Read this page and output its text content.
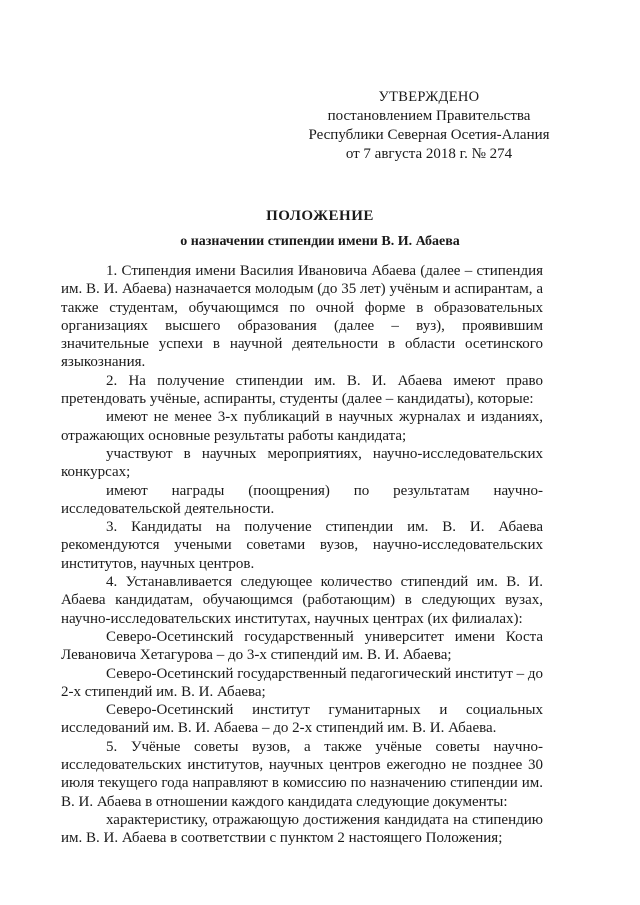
УТВЕРЖДЕНО
постановлением Правительства
Республики Северная Осетия-Алания
от 7 августа 2018 г. № 274
ПОЛОЖЕНИЕ
о назначении стипендии имени В. И. Абаева

1. Стипендия имени Василия Ивановича Абаева (далее – стипендия им. В. И. Абаева) назначается молодым (до 35 лет) учёным и аспирантам, а также студентам, обучающимся по очной форме в образовательных организациях высшего образования (далее – вуз), проявившим значительные успехи в научной деятельности в области осетинского языкознания.

2. На получение стипендии им. В. И. Абаева имеют право претендовать учёные, аспиранты, студенты (далее – кандидаты), которые:

имеют не менее 3-х публикаций в научных журналах и изданиях, отражающих основные результаты работы кандидата;

участвуют в научных мероприятиях, научно-исследовательских конкурсах;

имеют награды (поощрения) по результатам научно-исследовательской деятельности.

3. Кандидаты на получение стипендии им. В. И. Абаева рекомендуются учеными советами вузов, научно-исследовательских институтов, научных центров.

4. Устанавливается следующее количество стипендий им. В. И. Абаева кандидатам, обучающимся (работающим) в следующих вузах, научно-исследовательских институтах, научных центрах (их филиалах):

Северо-Осетинский государственный университет имени Коста Левановича Хетагурова – до 3-х стипендий им. В. И. Абаева;

Северо-Осетинский государственный педагогический институт – до 2-х стипендий им. В. И. Абаева;

Северо-Осетинский институт гуманитарных и социальных исследований им. В. И. Абаева – до 2-х стипендий им. В. И. Абаева.

5. Учёные советы вузов, а также учёные советы научно-исследовательских институтов, научных центров ежегодно не позднее 30 июля текущего года направляют в комиссию по назначению стипендии им. В. И. Абаева в отношении каждого кандидата следующие документы:

характеристику, отражающую достижения кандидата на стипендию им. В. И. Абаева в соответствии с пунктом 2 настоящего Положения;
